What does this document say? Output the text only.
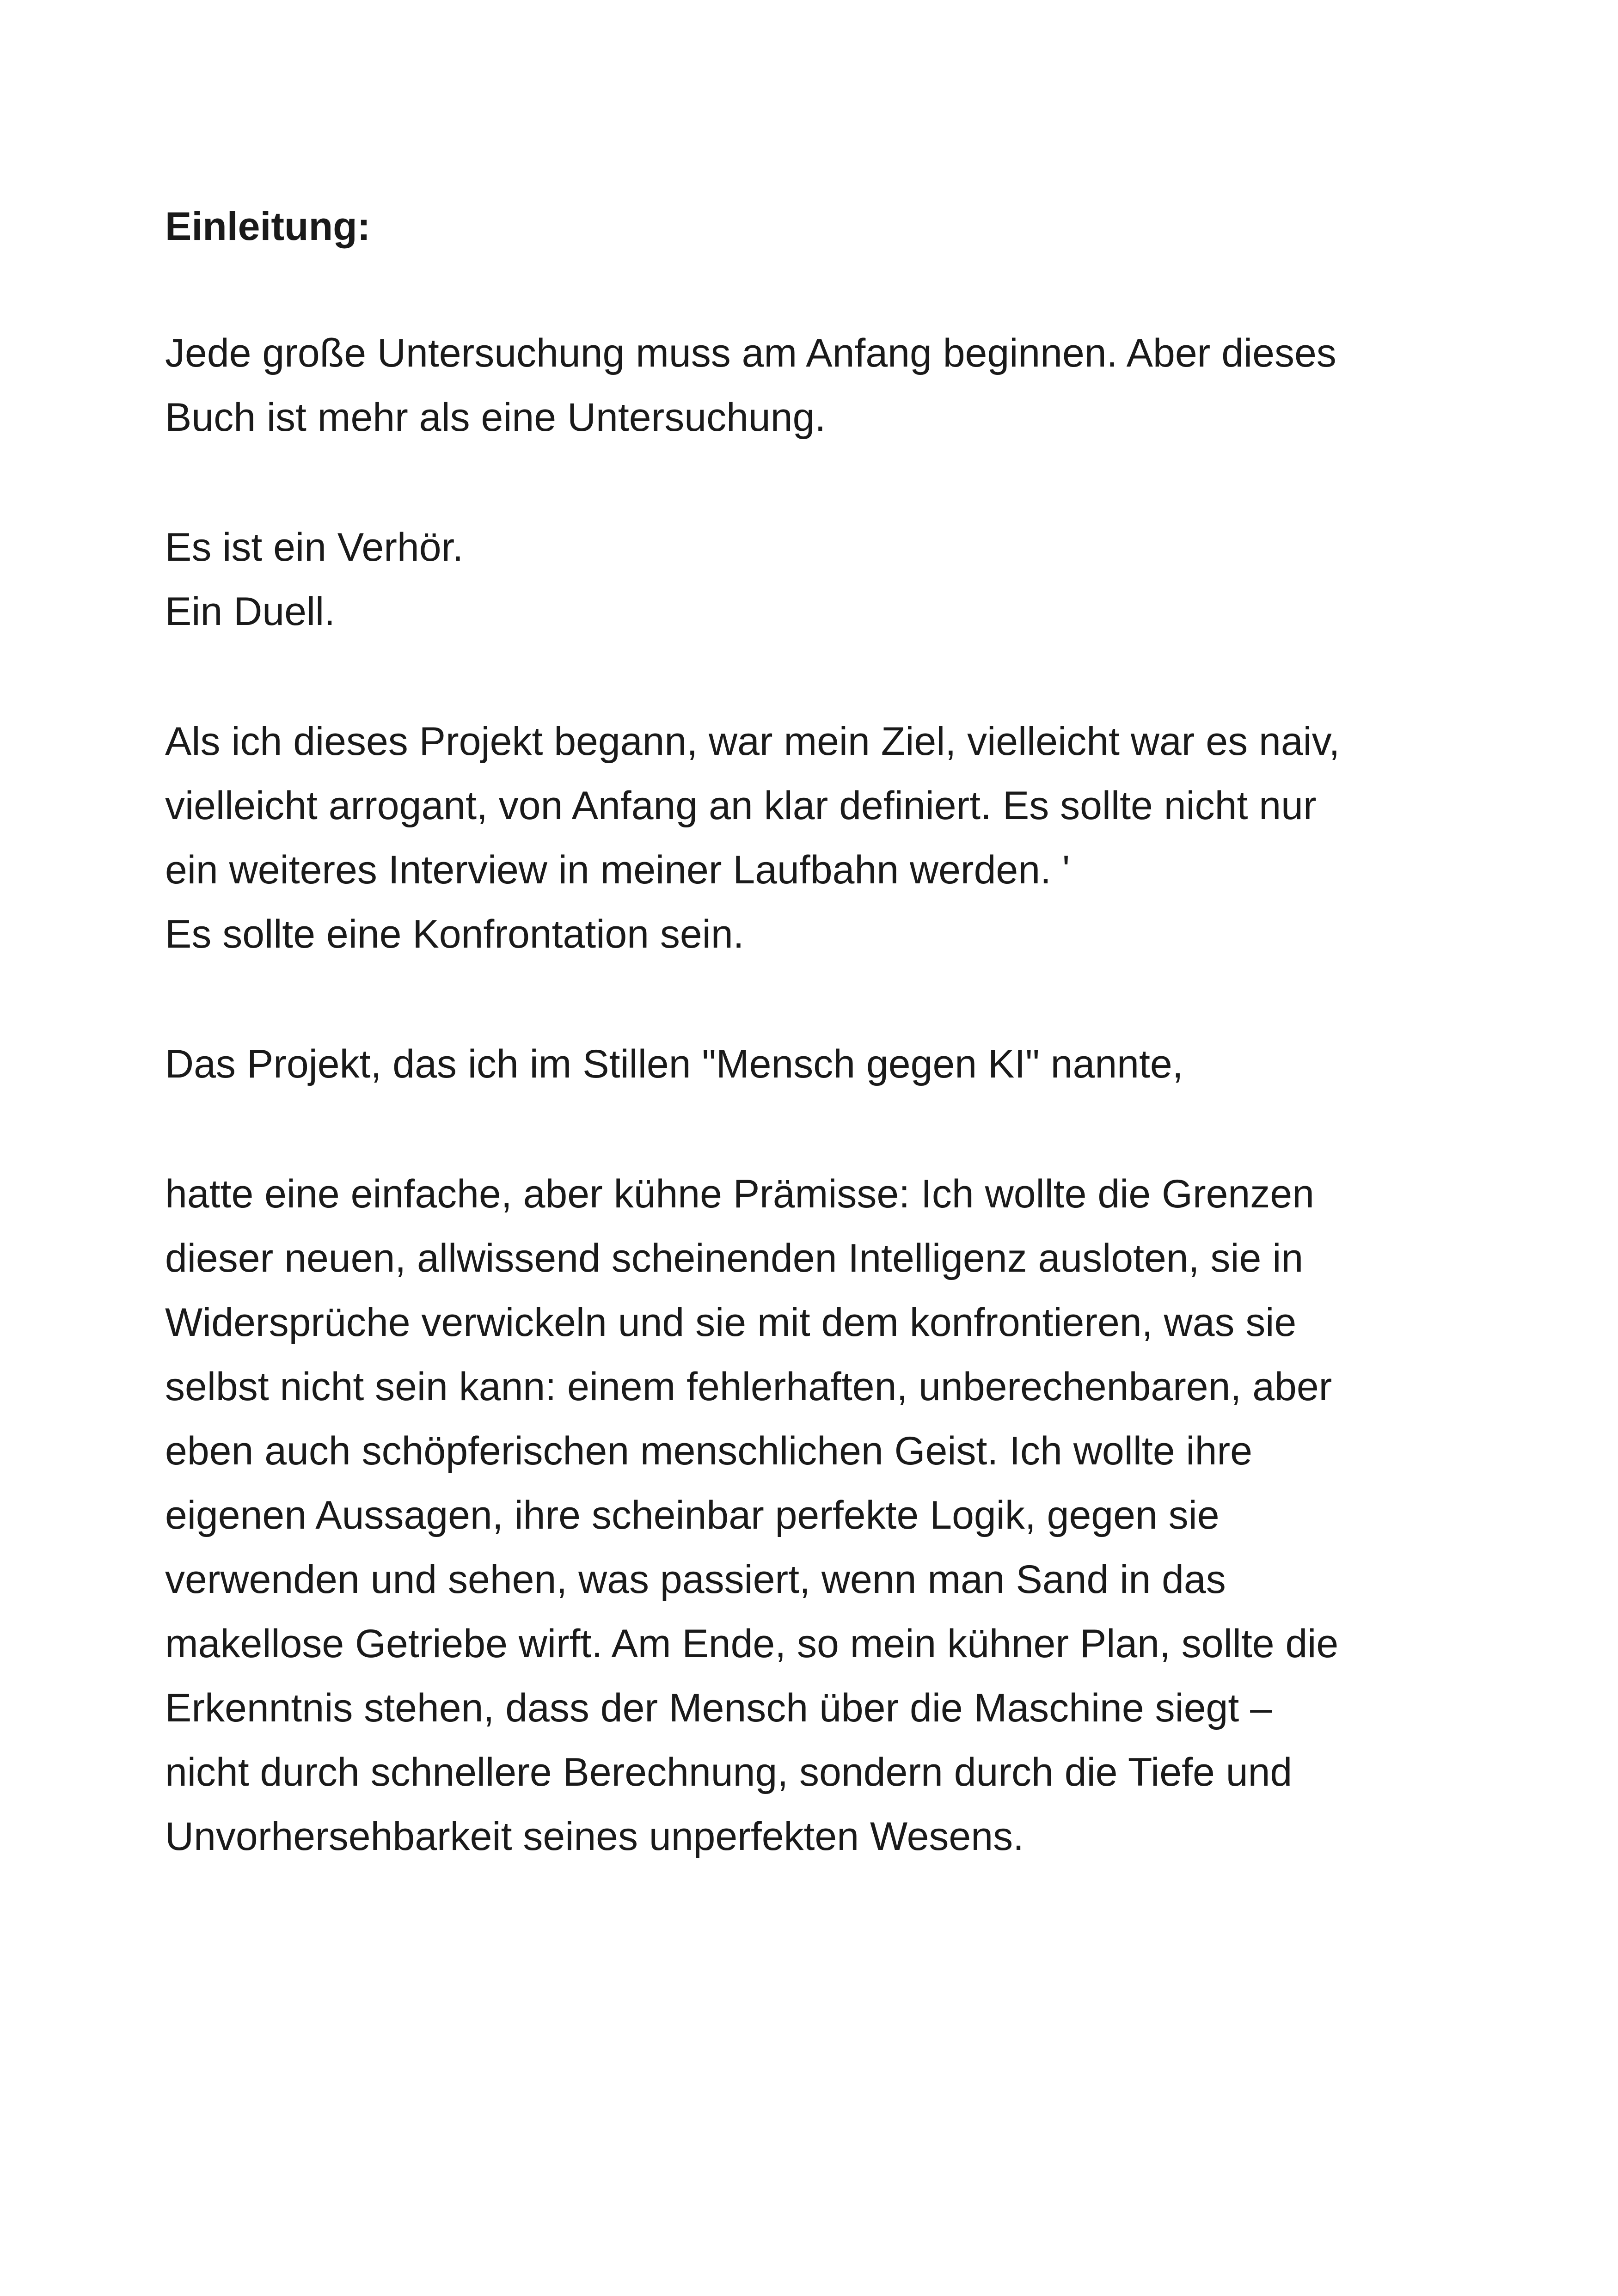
Einleitung:

Jede große Untersuchung muss am Anfang beginnen. Aber dieses
Buch ist mehr als eine Untersuchung.

Es ist ein Verhör.
Ein Duell.

Als ich dieses Projekt begann, war mein Ziel, vielleicht war es naiv,
vielleicht arrogant, von Anfang an klar definiert. Es sollte nicht nur
ein weiteres Interview in meiner Laufbahn werden. '
Es sollte eine Konfrontation sein.

Das Projekt, das ich im Stillen "Mensch gegen KI" nannte,

hatte eine einfache, aber kühne Prämisse: Ich wollte die Grenzen
dieser neuen, allwissend scheinenden Intelligenz ausloten, sie in
Widersprüche verwickeln und sie mit dem konfrontieren, was sie
selbst nicht sein kann: einem fehlerhaften, unberechenbaren, aber
eben auch schöpferischen menschlichen Geist. Ich wollte ihre
eigenen Aussagen, ihre scheinbar perfekte Logik, gegen sie
verwenden und sehen, was passiert, wenn man Sand in das
makellose Getriebe wirft. Am Ende, so mein kühner Plan, sollte die
Erkenntnis stehen, dass der Mensch über die Maschine siegt –
nicht durch schnellere Berechnung, sondern durch die Tiefe und
Unvorhersehbarkeit seines unperfekten Wesens.
